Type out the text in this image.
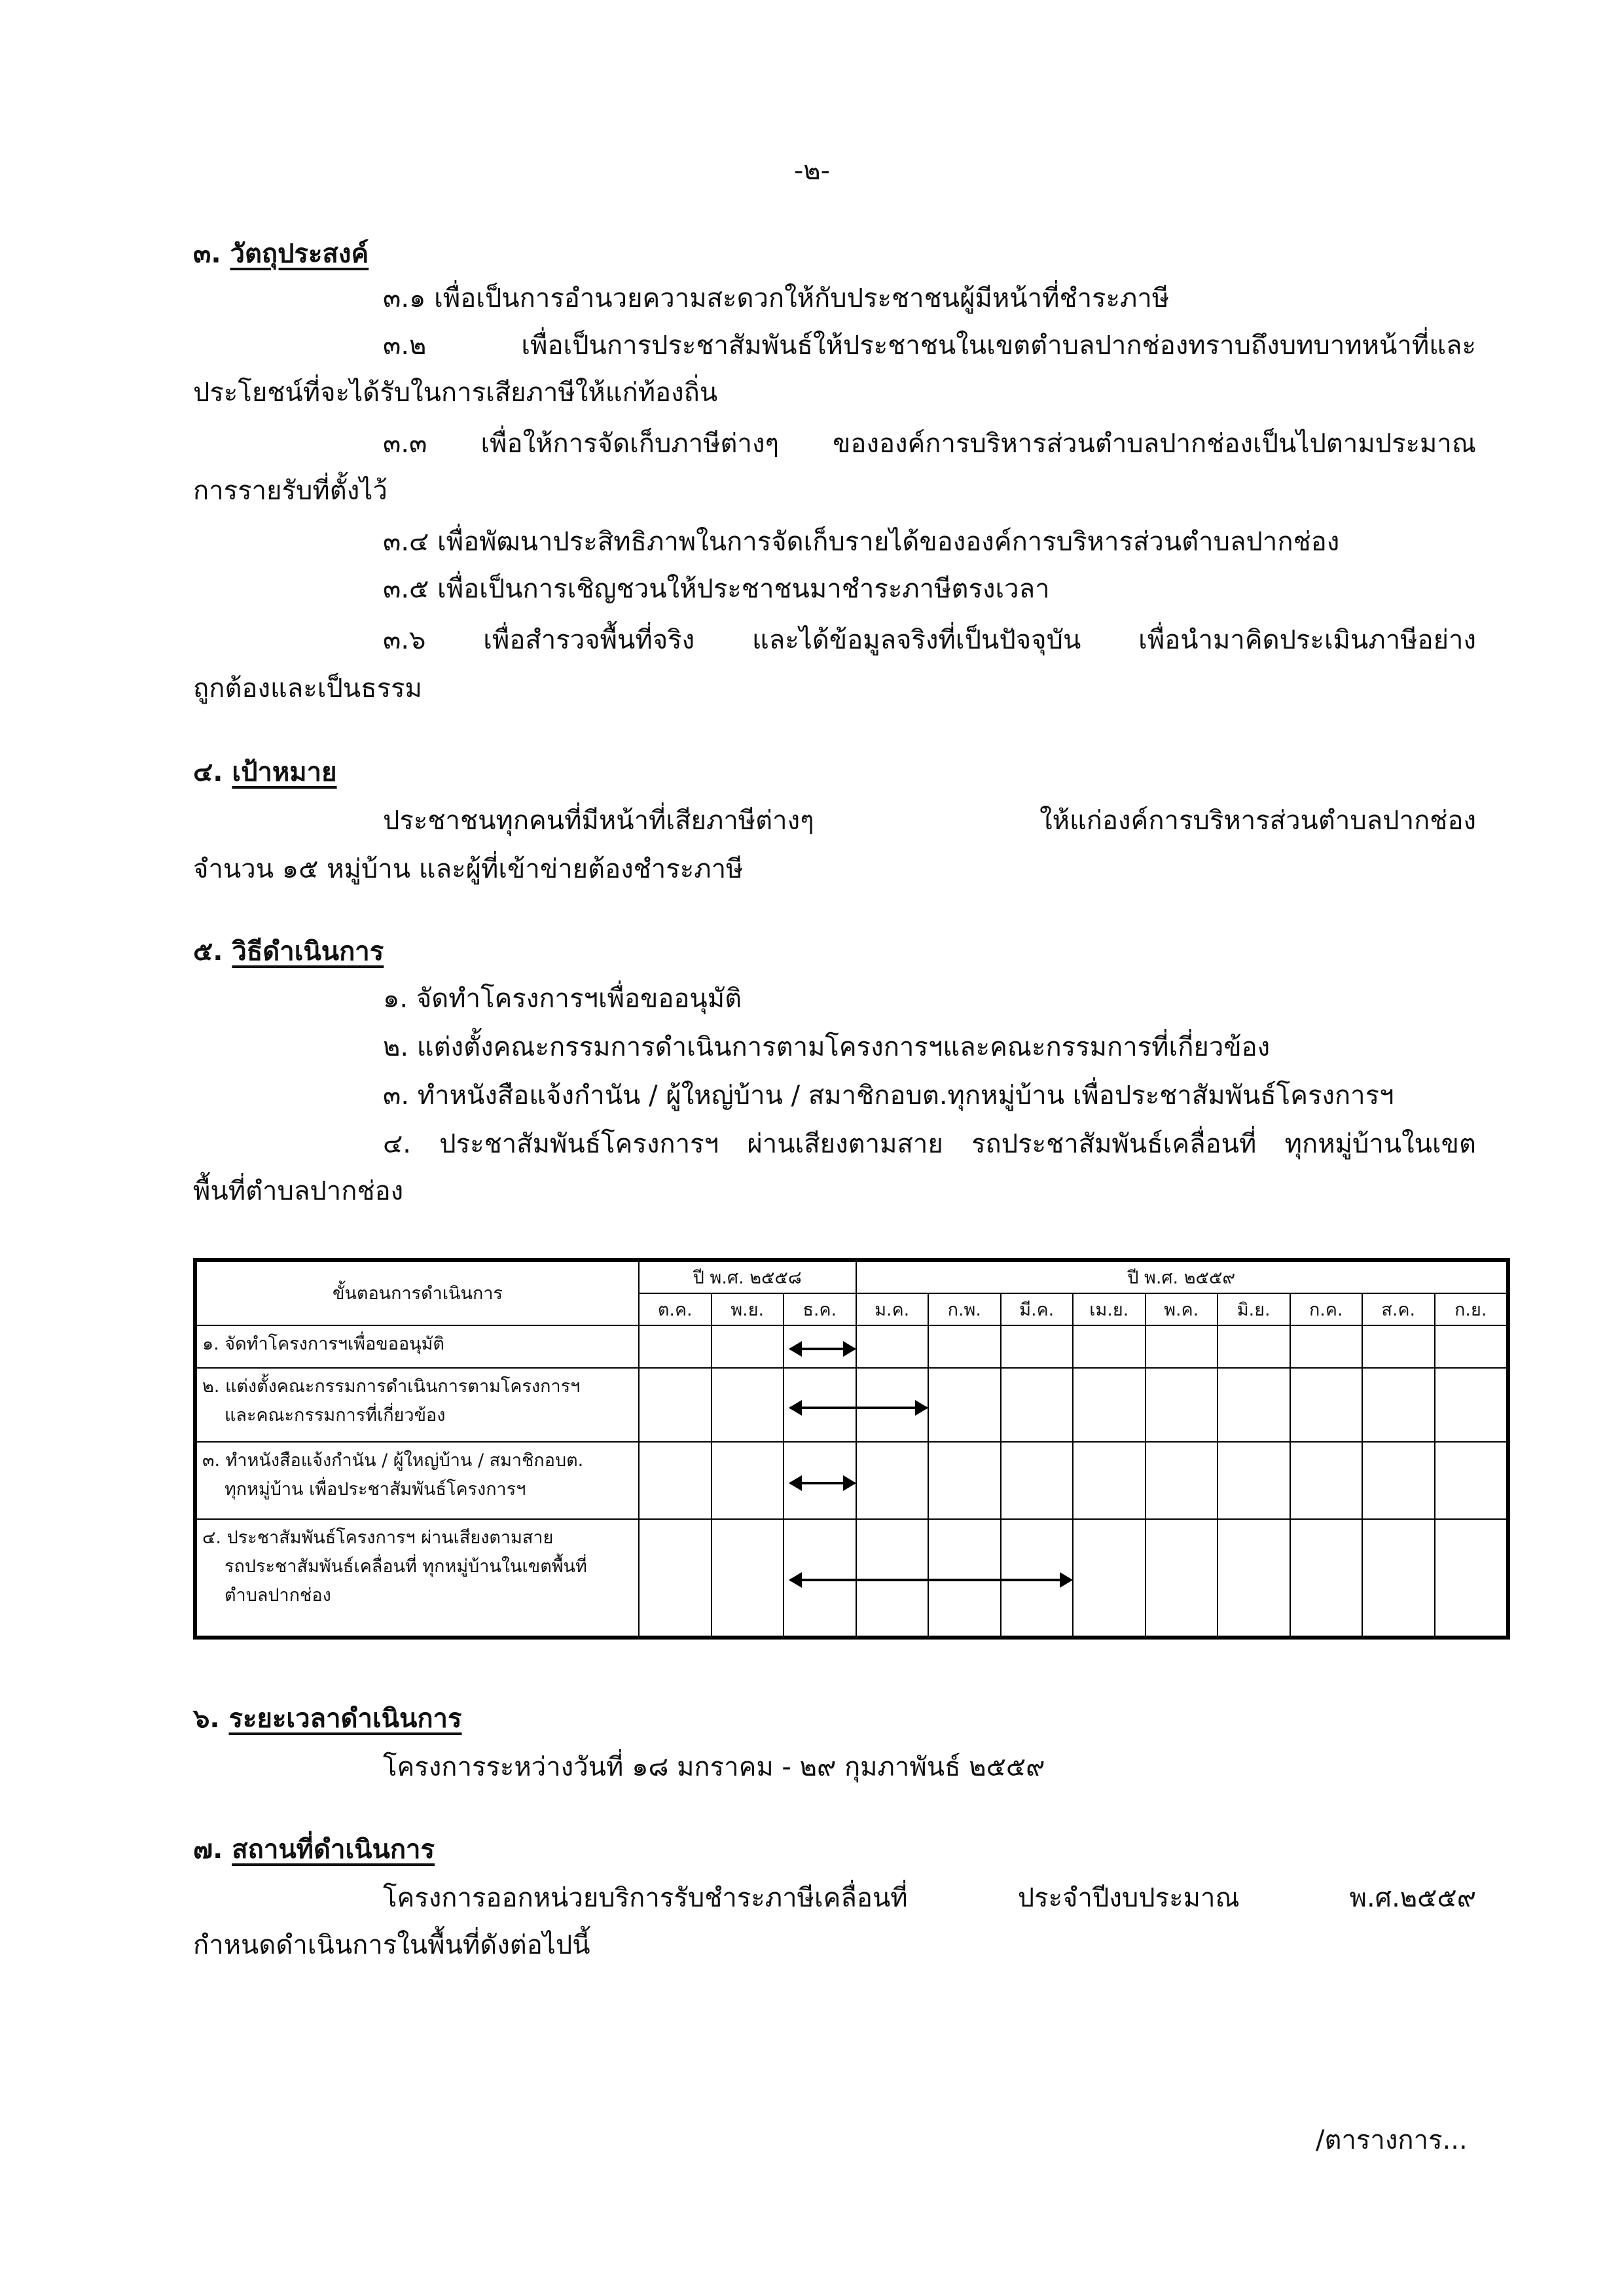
-๒-
๓. วัตถุประสงค์
๓.๑ เพื่อเป็นการอำนวยความสะดวกให้กับประชาชนผู้มีหน้าที่ชำระภาษี
๓.๒ เพื่อเป็นการประชาสัมพันธ์ให้ประชาชนในเขตตำบลปากช่องทราบถึงบทบาทหน้าที่และ
ประโยชน์ที่จะได้รับในการเสียภาษีให้แก่ท้องถิ่น
๓.๓ เพื่อให้การจัดเก็บภาษีต่างๆ ขององค์การบริหารส่วนตำบลปากช่องเป็นไปตามประมาณ
การรายรับที่ตั้งไว้
๓.๔ เพื่อพัฒนาประสิทธิภาพในการจัดเก็บรายได้ขององค์การบริหารส่วนตำบลปากช่อง
๓.๕ เพื่อเป็นการเชิญชวนให้ประชาชนมาชำระภาษีตรงเวลา
๓.๖ เพื่อสำรวจพื้นที่จริง และได้ข้อมูลจริงที่เป็นปัจจุบัน เพื่อนำมาคิดประเมินภาษีอย่าง
ถูกต้องและเป็นธรรม
๔. เป้าหมาย
ประชาชนทุกคนที่มีหน้าที่เสียภาษีต่างๆ ให้แก่องค์การบริหารส่วนตำบลปากช่อง
จำนวน ๑๕ หมู่บ้าน และผู้ที่เข้าข่ายต้องชำระภาษี
๕. วิธีดำเนินการ
๑. จัดทำโครงการฯเพื่อขออนุมัติ
๒. แต่งตั้งคณะกรรมการดำเนินการตามโครงการฯและคณะกรรมการที่เกี่ยวข้อง
๓. ทำหนังสือแจ้งกำนัน / ผู้ใหญ่บ้าน / สมาชิกอบต.ทุกหมู่บ้าน เพื่อประชาสัมพันธ์โครงการฯ
๔. ประชาสัมพันธ์โครงการฯ ผ่านเสียงตามสาย รถประชาสัมพันธ์เคลื่อนที่ ทุกหมู่บ้านในเขต
พื้นที่ตำบลปากช่อง
ขั้นตอนการดำเนินการ	ปี พ.ศ. ๒๕๕๘			ปี พ.ศ. ๒๕๕๙								
	ต.ค.	พ.ย.	ธ.ค.	ม.ค.	ก.พ.	มี.ค.	เม.ย.	พ.ค.	มิ.ย.	ก.ค.	ส.ค.	ก.ย.
๑. จัดทำโครงการฯเพื่อขออนุมัติ												
๒. แต่งตั้งคณะกรรมการดำเนินการตามโครงการฯ
และคณะกรรมการที่เกี่ยวข้อง												

๓. ทำหนังสือแจ้งกำนัน / ผู้ใหญ่บ้าน / สมาชิกอบต.
ทุกหมู่บ้าน เพื่อประชาสัมพันธ์โครงการฯ												

๔. ประชาสัมพันธ์โครงการฯ ผ่านเสียงตามสาย
รถประชาสัมพันธ์เคลื่อนที่ ทุกหมู่บ้านในเขตพื้นที่
ตำบลปากช่อง												

๖. ระยะเวลาดำเนินการ
โครงการระหว่างวันที่ ๑๘ มกราคม - ๒๙ กุมภาพันธ์ ๒๕๕๙
๗. สถานที่ดำเนินการ
โครงการออกหน่วยบริการรับชำระภาษีเคลื่อนที่ ประจำปีงบประมาณ พ.ศ.๒๕๕๙
กำหนดดำเนินการในพื้นที่ดังต่อไปนี้
/ตารางการ...
